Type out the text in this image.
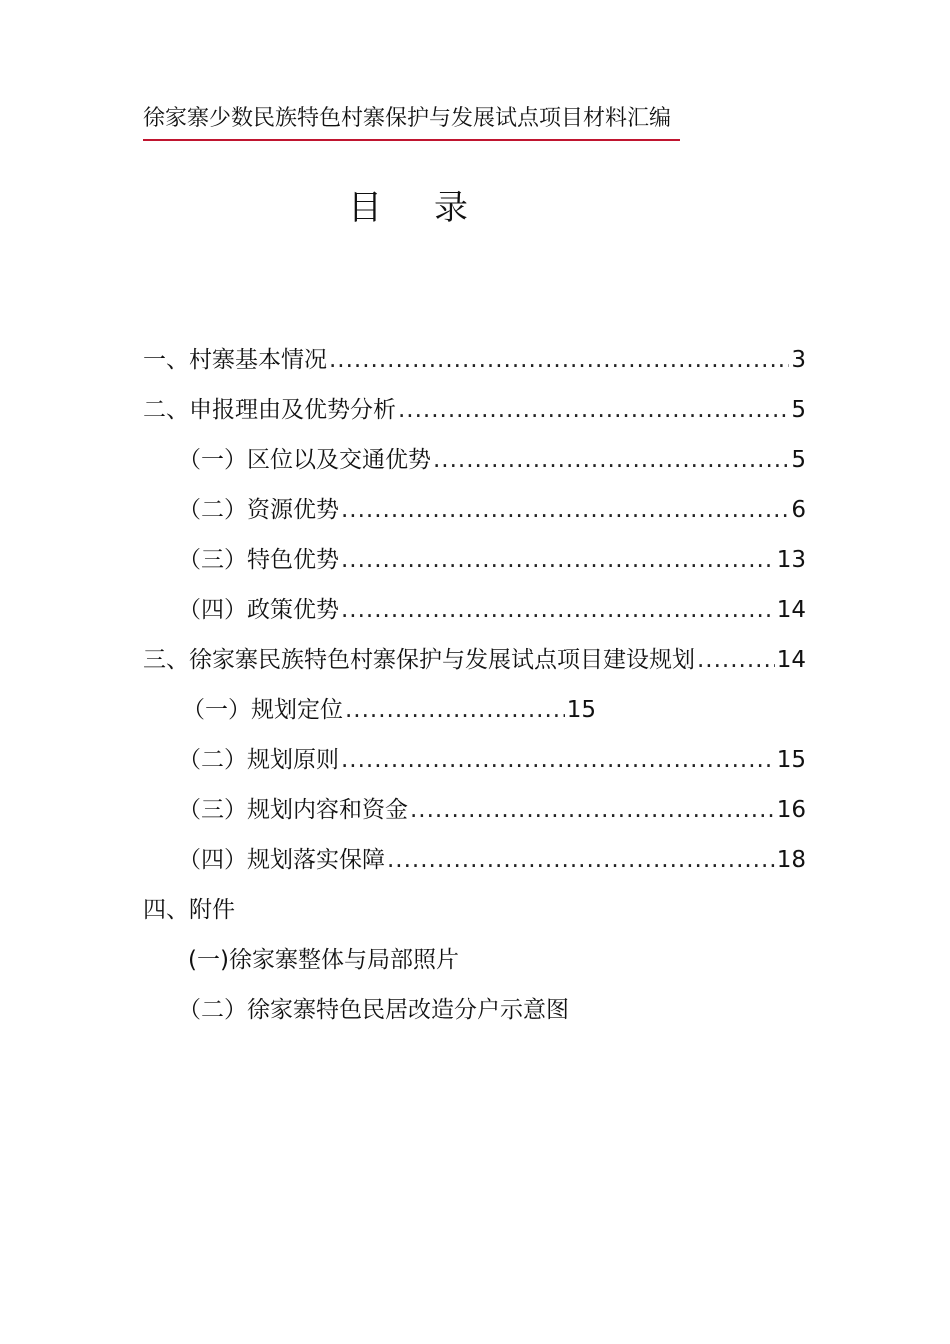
徐家寨少数民族特色村寨保护与发展试点项目材料汇编
目录
一、村寨基本情况 .....	3
二、申报理由及优势分析 .....	5
（一）区位以及交通优势 .....	5
（二）资源优势 .....	6
（三）特色优势 .....	13
（四）政策优势 .....	14
三、徐家寨民族特色村寨保护与发展试点项目建设规划 .....	14
（一）规划定位 .....	15
（二）规划原则 .....	15
（三）规划内容和资金 .....	16
（四）规划落实保障 .....	18
四、附件
(一)徐家寨整体与局部照片
（二）徐家寨特色民居改造分户示意图
